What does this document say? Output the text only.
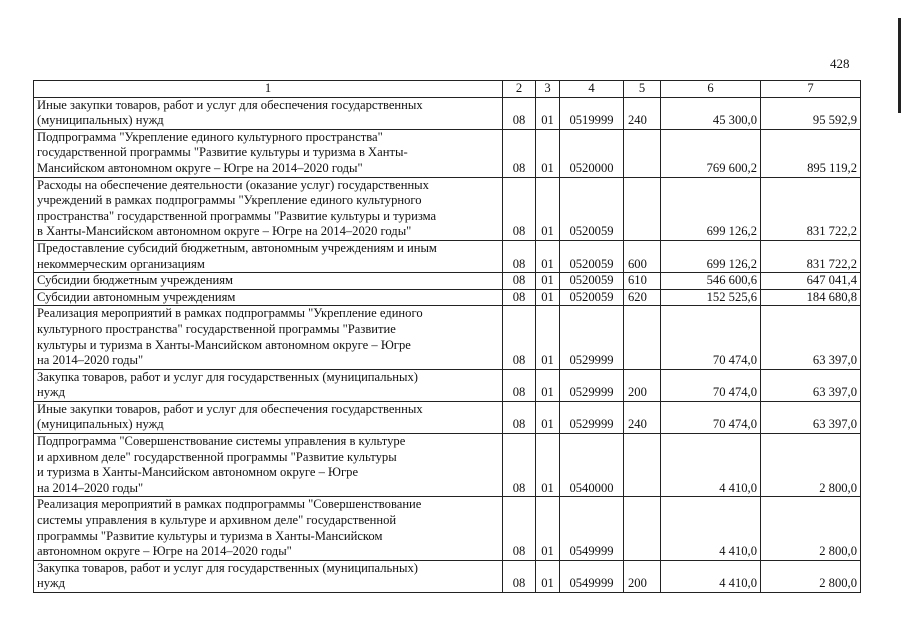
428
1	2	3	4	5	6	7
Иные закупки товаров, работ и услуг для обеспечения государственных
(муниципальных) нужд	08	01	0519999	240	45 300,0	95 592,9
Подпрограмма "Укрепление единого культурного пространства"
государственной программы "Развитие культуры и туризма в Ханты-
Мансийском автономном округе – Югре на 2014–2020 годы"	08	01	0520000		769 600,2	895 119,2
Расходы на обеспечение деятельности (оказание услуг) государственных
учреждений в рамках подпрограммы "Укрепление единого культурного
пространства" государственной программы "Развитие культуры и туризма
в Ханты-Мансийском автономном округе – Югре на 2014–2020 годы"	08	01	0520059		699 126,2	831 722,2
Предоставление субсидий бюджетным, автономным учреждениям и иным
некоммерческим организациям	08	01	0520059	600	699 126,2	831 722,2
Субсидии бюджетным учреждениям	08	01	0520059	610	546 600,6	647 041,4
Субсидии автономным учреждениям	08	01	0520059	620	152 525,6	184 680,8
Реализация мероприятий в рамках подпрограммы "Укрепление единого
культурного пространства" государственной программы "Развитие
культуры и туризма в Ханты-Мансийском автономном округе – Югре
на 2014–2020 годы"	08	01	0529999		70 474,0	63 397,0
Закупка товаров, работ и услуг для государственных (муниципальных)
нужд	08	01	0529999	200	70 474,0	63 397,0
Иные закупки товаров, работ и услуг для обеспечения государственных
(муниципальных) нужд	08	01	0529999	240	70 474,0	63 397,0
Подпрограмма "Совершенствование системы управления в культуре
и архивном деле" государственной программы "Развитие культуры
и туризма в Ханты-Мансийском автономном округе – Югре
на 2014–2020 годы"	08	01	0540000		4 410,0	2 800,0
Реализация мероприятий в рамках подпрограммы "Совершенствование
системы управления в культуре и архивном деле" государственной
программы "Развитие культуры и туризма в Ханты-Мансийском
автономном округе – Югре на 2014–2020 годы"	08	01	0549999		4 410,0	2 800,0
Закупка товаров, работ и услуг для государственных (муниципальных)
нужд	08	01	0549999	200	4 410,0	2 800,0
